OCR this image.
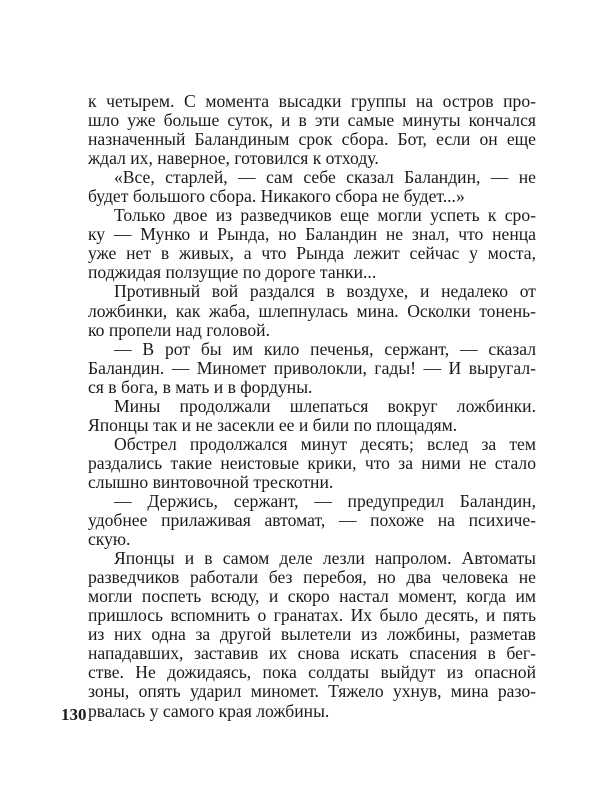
к четырем. С момента высадки группы на остров про-
шло уже больше суток, и в эти самые минуты кончался
назначенный Баландиным срок сбора. Бот, если он еще
ждал их, наверное, готовился к отходу.
«Все, старлей, — сам себе сказал Баландин, — не
будет большого сбора. Никакого сбора не будет...»
Только двое из разведчиков еще могли успеть к сро-
ку — Мунко и Рында, но Баландин не знал, что ненца
уже нет в живых, а что Рында лежит сейчас у моста,
поджидая ползущие по дороге танки...
Противный вой раздался в воздухе, и недалеко от
ложбинки, как жаба, шлепнулась мина. Осколки тонень-
ко пропели над головой.
— В рот бы им кило печенья, сержант, — сказал
Баландин. — Миномет приволокли, гады! — И выругал-
ся в бога, в мать и в фордуны.
Мины продолжали шлепаться вокруг ложбинки.
Японцы так и не засекли ее и били по площадям.
Обстрел продолжался минут десять; вслед за тем
раздались такие неистовые крики, что за ними не стало
слышно винтовочной трескотни.
— Держись, сержант, — предупредил Баландин,
удобнее прилаживая автомат, — похоже на психиче-
скую.
Японцы и в самом деле лезли напролом. Автоматы
разведчиков работали без перебоя, но два человека не
могли поспеть всюду, и скоро настал момент, когда им
пришлось вспомнить о гранатах. Их было десять, и пять
из них одна за другой вылетели из ложбины, разметав
нападавших, заставив их снова искать спасения в бег-
стве. Не дожидаясь, пока солдаты выйдут из опасной
зоны, опять ударил миномет. Тяжело ухнув, мина разо-
рвалась у самого края ложбины.
130
